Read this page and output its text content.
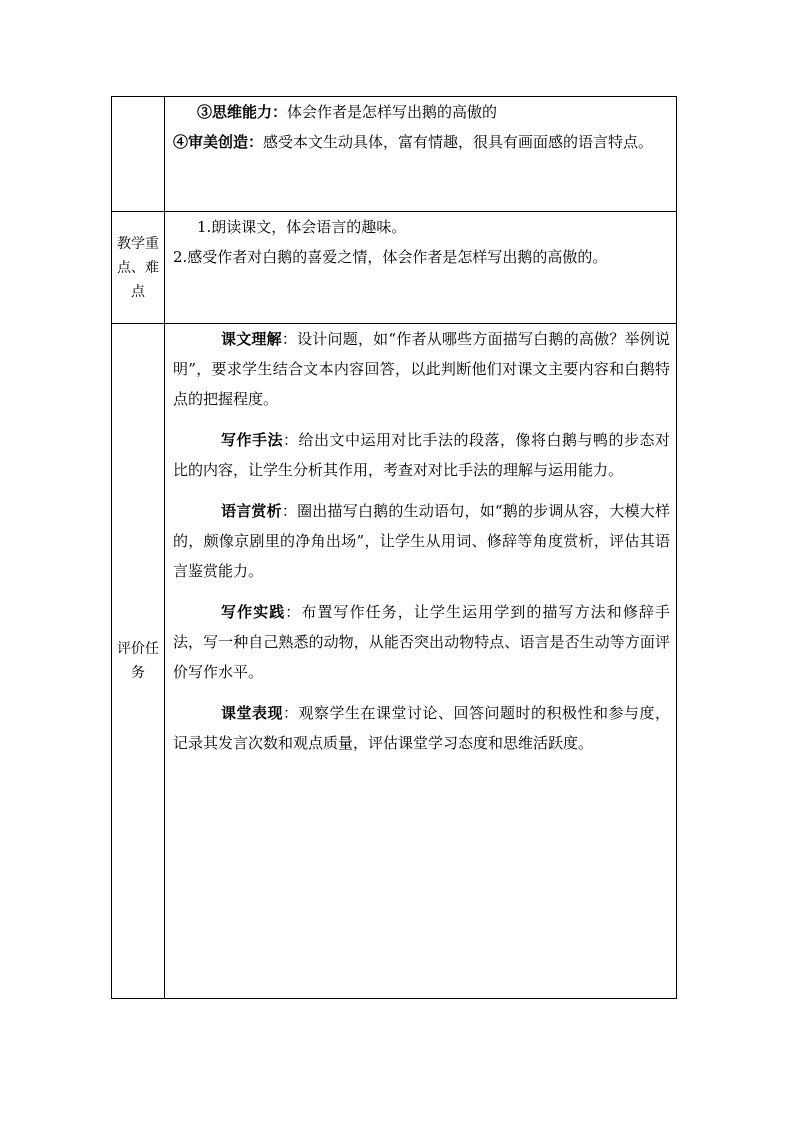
	③思维能力：体会作者是怎样写出鹅的高傲的
④审美创造：感受本文生动具体，富有情趣，很具有画面感的语言特点。

教学重点、难点	1.朗读课文，体会语言的趣味。
2.感受作者对白鹅的喜爱之情，体会作者是怎样写出鹅的高傲的。

评价任务	课文理解：设计问题，如“作者从哪些方面描写白鹅的高傲？举例说明”，要求学生结合文本内容回答，以此判断他们对课文主要内容和白鹅特点的把握程度。
写作手法：给出文中运用对比手法的段落，像将白鹅与鸭的步态对比的内容，让学生分析其作用，考查对对比手法的理解与运用能力。
语言赏析：圈出描写白鹅的生动语句，如“鹅的步调从容，大模大样的，颇像京剧里的净角出场”，让学生从用词、修辞等角度赏析，评估其语言鉴赏能力。
写作实践：布置写作任务，让学生运用学到的描写方法和修辞手法，写一种自己熟悉的动物，从能否突出动物特点、语言是否生动等方面评价写作水平。
课堂表现：观察学生在课堂讨论、回答问题时的积极性和参与度，记录其发言次数和观点质量，评估课堂学习态度和思维活跃度。
